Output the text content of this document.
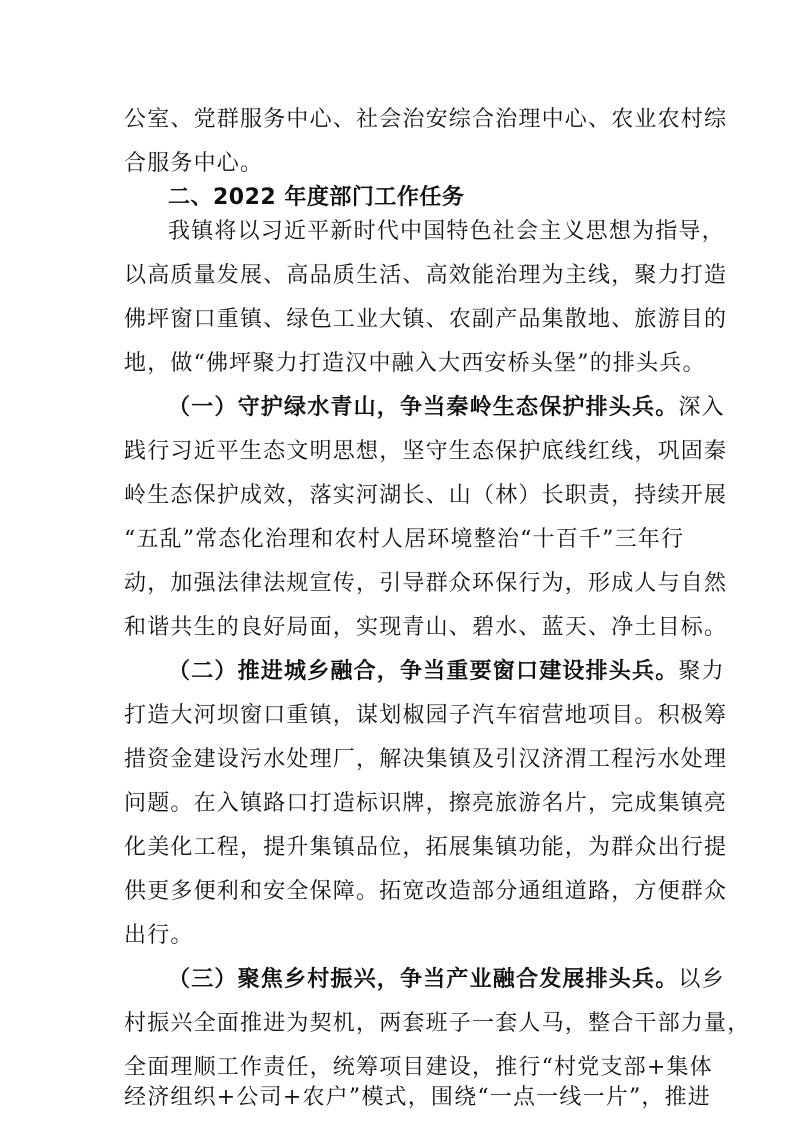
公室、党群服务中心、社会治安综合治理中心、农业农村综
合服务中心。
二、2022 年度部门工作任务
我镇将以习近平新时代中国特色社会主义思想为指导，
以高质量发展、高品质生活、高效能治理为主线，聚力打造
佛坪窗口重镇、绿色工业大镇、农副产品集散地、旅游目的
地，做“佛坪聚力打造汉中融入大西安桥头堡”的排头兵。
（一）守护绿水青山，争当秦岭生态保护排头兵。深入
践行习近平生态文明思想，坚守生态保护底线红线，巩固秦
岭生态保护成效，落实河湖长、山（林）长职责，持续开展
“五乱”常态化治理和农村人居环境整治“十百千”三年行
动，加强法律法规宣传，引导群众环保行为，形成人与自然
和谐共生的良好局面，实现青山、碧水、蓝天、净土目标。
（二）推进城乡融合，争当重要窗口建设排头兵。聚力
打造大河坝窗口重镇，谋划椒园子汽车宿营地项目。积极筹
措资金建设污水处理厂，解决集镇及引汉济渭工程污水处理
问题。在入镇路口打造标识牌，擦亮旅游名片，完成集镇亮
化美化工程，提升集镇品位，拓展集镇功能，为群众出行提
供更多便利和安全保障。拓宽改造部分通组道路，方便群众
出行。
（三）聚焦乡村振兴，争当产业融合发展排头兵。以乡
村振兴全面推进为契机，两套班子一套人马，整合干部力量，
全面理顺工作责任，统筹项目建设，推行“村党支部+集体
经济组织+公司+农户”模式，围绕“一点一线一片”，推进
